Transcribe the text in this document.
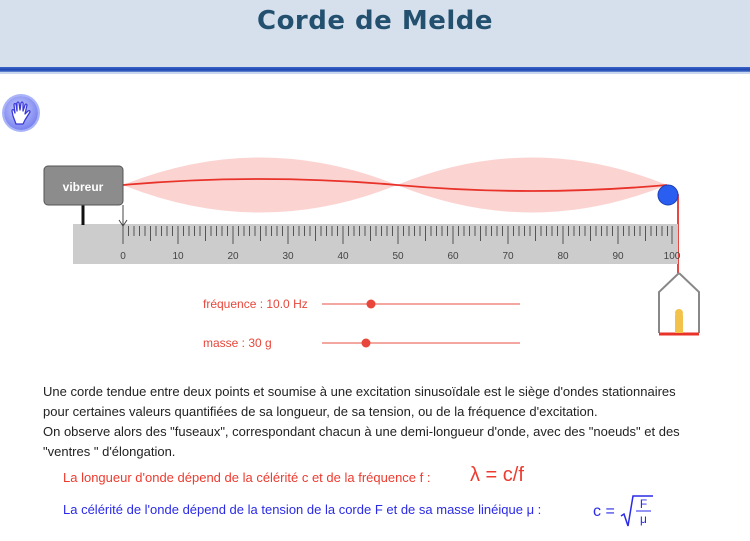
Corde de Melde
0	10	20	30	40	50	60	70	80	90	100
vibreur
fréquence : 10.0 Hz
masse : 30 g
Une corde tendue entre deux points et soumise à une excitation sinusoïdale est le siège d'ondes stationnaires
pour certaines valeurs quantifiées de sa longueur, de sa tension, ou de la fréquence d'excitation.
On observe alors des "fuseaux", correspondant chacun à une demi-longueur d'onde, avec des "noeuds" et des
"ventres " d'élongation.
La longueur d'onde dépend de la célérité c et de la fréquence f : λ = c/f
La célérité de l'onde dépend de la tension de la corde F et de sa masse linéique μ :	c = F
μ
